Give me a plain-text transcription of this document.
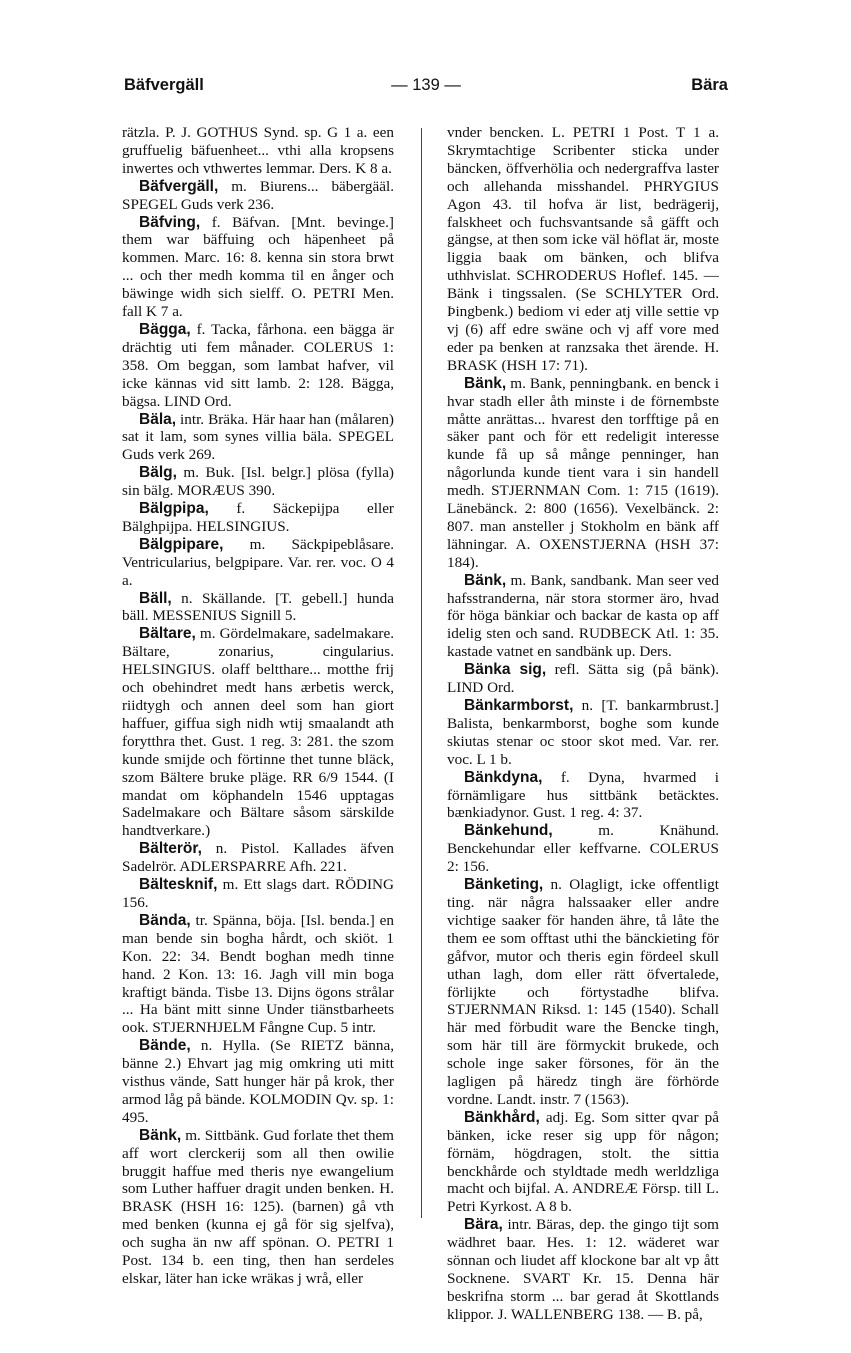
Bäfvergäll	— 139 —	Bära

rätzla. P. J. GOTHUS Synd. sp. G 1 a. een gruffuelig bäfuenheet... vthi alla kropsens inwertes och vthwertes lemmar. Ders. K 8 a.

Bäfvergäll, m. Biurens... bäbergääl. SPEGEL Guds verk 236.

Bäfving, f. Bäfvan. [Mnt. bevinge.] them war bäffuing och häpenheet på kommen. Marc. 16: 8. kenna sin stora brwt ... och ther medh komma til en ånger och bäwinge widh sich sielff. O. PETRI Men. fall K 7 a.

Bägga, f. Tacka, fårhona. een bägga är drächtig uti fem månader. COLERUS 1: 358. Om beggan, som lambat hafver, vil icke kännas vid sitt lamb. 2: 128. Bägga, bägsa. LIND Ord.

Bäla, intr. Bräka. Här haar han (målaren) sat it lam, som synes villia bäla. SPEGEL Guds verk 269.

Bälg, m. Buk. [Isl. belgr.] plösa (fylla) sin bälg. MORÆUS 390.

Bälgpipa, f. Säckepijpa eller Bälghpijpa. HELSINGIUS.

Bälgpipare, m. Säckpipeblåsare. Ventricularius, belgpipare. Var. rer. voc. O 4 a.

Bäll, n. Skällande. [T. gebell.] hunda bäll. MESSENIUS Signill 5.

Bältare, m. Gördelmakare, sadelmakare. Bältare, zonarius, cingularius. HELSINGIUS. olaff beltthare... motthe frij och obehindret medt hans ærbetis werck, riidtygh och annen deel som han giort haffuer, giffua sigh nidh wtij smaalandt ath forytthra thet. Gust. 1 reg. 3: 281. the szom kunde smijde och förtinne thet tunne bläck, szom Bältere bruke pläge. RR 6/9 1544. (I mandat om köphandeln 1546 upptagas Sadelmakare och Bältare såsom särskilde handtverkare.)

Bälterör, n. Pistol. Kallades äfven Sadelrör. ADLERSPARRE Afh. 221.

Bältesknif, m. Ett slags dart. RÖDING 156.

Bända, tr. Spänna, böja. [Isl. benda.] en man bende sin bogha hårdt, och skiöt. 1 Kon. 22: 34. Bendt boghan medh tinne hand. 2 Kon. 13: 16. Jagh vill min boga kraftigt bända. Tisbe 13. Dijns ögons strålar ... Ha bänt mitt sinne Under tiänstbarheets ook. STJERNHJELM Fångne Cup. 5 intr.

Bände, n. Hylla. (Se RIETZ bänna, bänne 2.) Ehvart jag mig omkring uti mitt visthus vände, Satt hunger här på krok, ther armod låg på bände. KOLMODIN Qv. sp. 1: 495.

Bänk, m. Sittbänk. Gud forlate thet them aff wort clerckerij som all then owilie bruggit haffue med theris nye ewangelium som Luther haffuer dragit unden benken. H. BRASK (HSH 16: 125). (barnen) gå vth med benken (kunna ej gå för sig sjelfva), och sugha än nw aff spönan. O. PETRI 1 Post. 134 b. een ting, then han serdeles elskar, läter han icke wräkas j wrå, eller

vnder bencken. L. PETRI 1 Post. T 1 a. Skrymtachtige Scribenter sticka under bäncken, öffverhölia och nedergraffva laster och allehanda misshandel. PHRYGIUS Agon 43. til hofva är list, bedrägerij, falskheet och fuchsvantsande så gäfft och gängse, at then som icke väl höflat är, moste liggia baak om bänken, och blifva uthhvislat. SCHRODERUS Hoflef. 145. — Bänk i tingssalen. (Se SCHLYTER Ord. Þingbenk.) bediom vi eder atj ville settie vp vj (6) aff edre swäne och vj aff vore med eder pa benken at ranzsaka thet ärende. H. BRASK (HSH 17: 71).

Bänk, m. Bank, penningbank. en benck i hvar stadh eller åth minste i de förnembste måtte anrättas... hvarest den torfftige på en säker pant och för ett redeligit interesse kunde få up så månge penninger, han någorlunda kunde tient vara i sin handell medh. STJERNMAN Com. 1: 715 (1619). Länebänck. 2: 800 (1656). Vexelbänck. 2: 807. man ansteller j Stokholm en bänk aff lähningar. A. OXENSTJERNA (HSH 37: 184).

Bänk, m. Bank, sandbank. Man seer ved hafsstranderna, när stora stormer äro, hvad för höga bänkiar och backar de kasta op aff idelig sten och sand. RUDBECK Atl. 1: 35. kastade vatnet en sandbänk up. Ders.

Bänka sig, refl. Sätta sig (på bänk). LIND Ord.

Bänkarmborst, n. [T. bankarmbrust.] Balista, benkarmborst, boghe som kunde skiutas stenar oc stoor skot med. Var. rer. voc. L 1 b.

Bänkdyna, f. Dyna, hvarmed i förnämligare hus sittbänk betäcktes. bænkiadynor. Gust. 1 reg. 4: 37.

Bänkehund, m. Knähund. Benckehundar eller keffvarne. COLERUS 2: 156.

Bänketing, n. Olagligt, icke offentligt ting. när några halssaaker eller andre vichtige saaker för handen ähre, tå låte the them ee som offtast uthi the bänckieting för gåfvor, mutor och theris egin fördeel skull uthan lagh, dom eller rätt öfvertalede, förlijkte och förtystadhe blifva. STJERNMAN Riksd. 1: 145 (1540). Schall här med förbudit ware the Bencke tingh, som här till äre förmyckit brukede, och schole inge saker försones, för än the lagligen på häredz tingh äre förhörde vordne. Landt. instr. 7 (1563).

Bänkhård, adj. Eg. Som sitter qvar på bänken, icke reser sig upp för någon; förnäm, högdragen, stolt. the sittia benckhårde och styldtade medh werldzliga macht och bijfal. A. ANDREÆ Försp. till L. Petri Kyrkost. A 8 b.

Bära, intr. Bäras, dep. the gingo tijt som wädhret baar. Hes. 1: 12. wäderet war sönnan och liudet aff klockone bar alt vp ått Socknene. SVART Kr. 15. Denna här beskrifna storm ... bar gerad åt Skottlands klippor. J. WALLENBERG 138. — B. på,
